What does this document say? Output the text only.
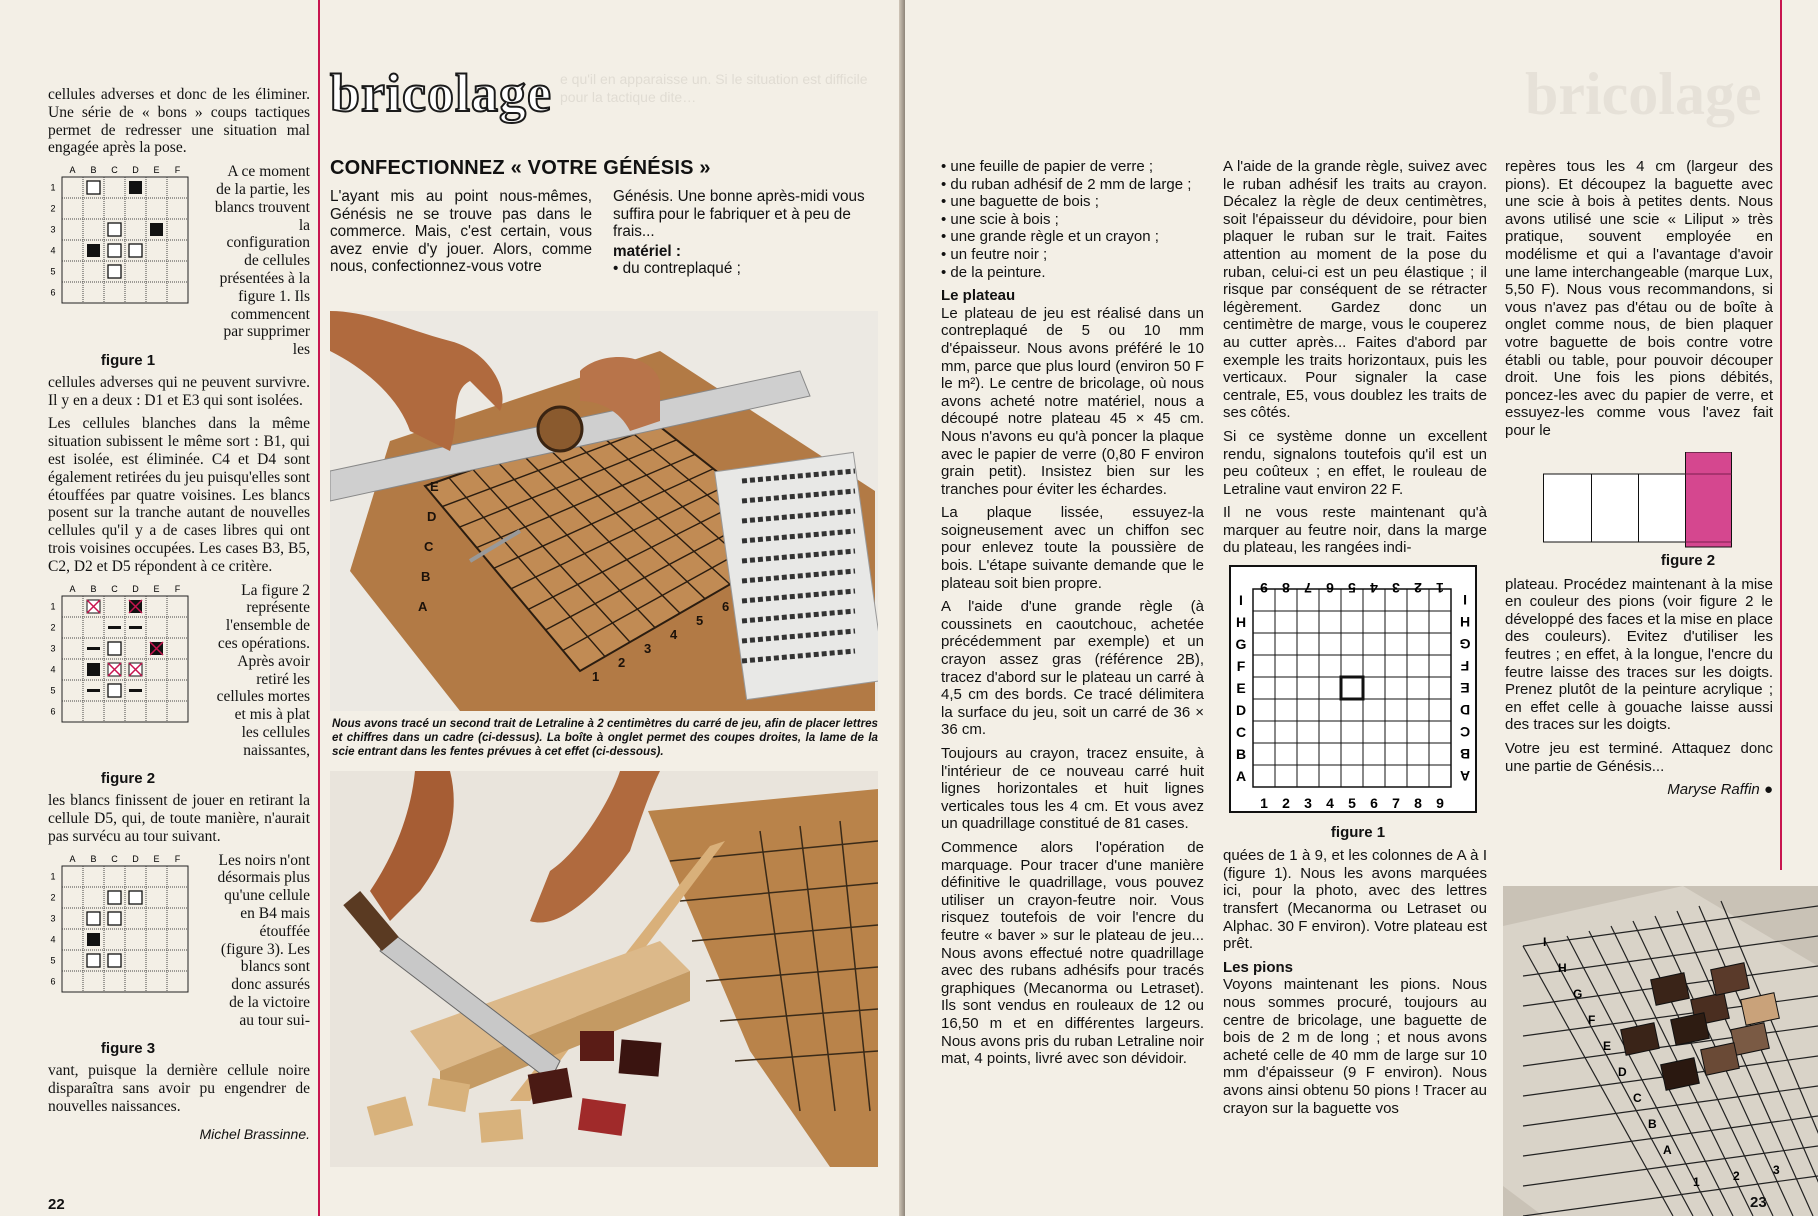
e qu'il en apparaisse un. Si le situation est difficile pour la tactique dite…

cellules adverses et donc de les éliminer. Une série de « bons » coups tactiques permet de redresser une situation mal engagée après la pose.

A B C D E F
1
2
3
4
5
6
figure 1

A ce moment de la partie, les blancs trouvent la configuration de cellules présentées à la figure 1. Ils commencent par supprimer les

cellules adverses qui ne peuvent survivre. Il y en a deux : D1 et E3 qui sont isolées.

Les cellules blanches dans la même situation subissent le même sort : B1, qui est isolée, est éliminée. C4 et D4 sont également retirées du jeu puisqu'elles sont étouffées par quatre voisines. Les blancs posent sur la tranche autant de nouvelles cellules qu'il y a de cases libres qui ont trois voisines occupées. Les cases B3, B5, C2, D2 et D5 répondent à ce critère.

A B C D E F
1
2
3
4
5
6
figure 2

La figure 2 représente l'ensemble de ces opérations. Après avoir retiré les cellules mortes et mis à plat les cellules naissantes,

les blancs finissent de jouer en retirant la cellule D5, qui, de toute manière, n'aurait pas survécu au tour suivant.

A B C D E F
1
2
3
4
5
6
figure 3

Les noirs n'ont désormais plus qu'une cellule en B4 mais étouffée (figure 3). Les blancs sont donc assurés de la victoire au tour sui-

vant, puisque la dernière cellule noire disparaîtra sans avoir pu engendrer de nouvelles naissances.

Michel Brassinne.

22
bricolage
CONFECTIONNEZ « VOTRE GÉNÉSIS »

L'ayant mis au point nous-mêmes, Génésis ne se trouve pas dans le commerce. Mais, c'est certain, vous avez envie d'y jouer. Alors, comme nous, confectionnez-vous votre

Génésis. Une bonne après-midi vous suffira pour le fabriquer et à peu de frais...

matériel :
• du contreplaqué ;
1
2
3
4
5
6
A
B
C
D
E
Nous avons tracé un second trait de Letraline à 2 centimètres du carré de jeu, afin de placer lettres et chiffres dans un cadre (ci-dessus). La boîte à onglet permet des coupes droites, la lame de la scie entrant dans les fentes prévues à cet effet (ci-dessous).
bricolage
• une feuille de papier de verre ;
• du ruban adhésif de 2 mm de large ;
• une baguette de bois ;
• une scie à bois ;
• une grande règle et un crayon ;
• un feutre noir ;
• de la peinture.
Le plateau

Le plateau de jeu est réalisé dans un contreplaqué de 5 ou 10 mm d'épaisseur. Nous avons préféré le 10 mm, parce que plus lourd (environ 50 F le m²). Le centre de bricolage, où nous avons acheté notre matériel, nous a découpé notre plateau 45 × 45 cm. Nous n'avons eu qu'à poncer la plaque avec le papier de verre (0,80 F environ grain petit). Insistez bien sur les tranches pour éviter les échardes.

La plaque lissée, essuyez-la soigneusement avec un chiffon sec pour enlevez toute la poussière de bois. L'étape suivante demande que le plateau soit bien propre.

A l'aide d'une grande règle (à coussinets en caoutchouc, achetée précédemment par exemple) et un crayon assez gras (référence 2B), tracez d'abord sur le plateau un carré à 4,5 cm des bords. Ce tracé délimitera la surface du jeu, soit un carré de 36 × 36 cm.

Toujours au crayon, tracez ensuite, à l'intérieur de ce nouveau carré huit lignes horizontales et huit lignes verticales tous les 4 cm. Et vous avez un quadrillage constitué de 81 cases.

Commence alors l'opération de marquage. Pour tracer d'une manière définitive le quadrillage, vous pouvez utiliser un crayon-feutre noir. Vous risquez toutefois de voir l'encre du feutre « baver » sur le plateau de jeu... Nous avons effectué notre quadrillage avec des rubans adhésifs pour tracés graphiques (Mecanorma ou Letraset). Ils sont vendus en rouleaux de 12 ou 16,50 m et en différentes largeurs. Nous avons pris du ruban Letraline noir mat, 4 points, livré avec son dévidoir.

A l'aide de la grande règle, suivez avec le ruban adhésif les traits au crayon. Décalez la règle de deux centimètres, soit l'épaisseur du dévidoire, pour bien plaquer le ruban sur le trait. Faites attention au moment de la pose du ruban, celui-ci est un peu élastique ; il risque par conséquent de se rétracter légèrement. Gardez donc un centimètre de marge, vous le couperez au cutter après... Faites d'abord par exemple les traits horizontaux, puis les verticaux. Pour signaler la case centrale, E5, vous doublez les traits de ses côtés.

Si ce système donne un excellent rendu, signalons toutefois qu'il est un peu coûteux ; en effet, le rouleau de Letraline vaut environ 22 F.

Il ne vous reste maintenant qu'à marquer au feutre noir, dans la marge du plateau, les rangées indi-

1 2 3 4 5 6 7 8 9
9 8 7 6 5 4 3 2 1
I
H
G
F
E
D
C
B
A
I
H
G
F
E
D
C
B
A
figure 1

quées de 1 à 9, et les colonnes de A à I (figure 1). Nous les avons marquées ici, pour la photo, avec des lettres transfert (Mecanorma ou Letraset ou Alphac. 30 F environ). Votre plateau est prêt.

Les pions

Voyons maintenant les pions. Nous nous sommes procuré, toujours au centre de bricolage, une baguette de bois de 2 m de long ; et nous avons acheté celle de 40 mm de large sur 10 mm d'épaisseur (9 F environ). Nous avons ainsi obtenu 50 pions ! Tracer au crayon sur la baguette vos

repères tous les 4 cm (largeur des pions). Et découpez la baguette avec une scie à bois à petites dents. Nous avons utilisé une scie « Liliput » très pratique, souvent employée en modélisme et qui a l'avantage d'avoir une lame interchangeable (marque Lux, 5,50 F). Nous vous recommandons, si vous n'avez pas d'étau ou de boîte à onglet comme nous, de bien plaquer votre baguette de bois contre votre établi ou table, pour pouvoir découper droit. Une fois les pions débités, poncez-les avec du papier de verre, et essuyez-les comme vous l'avez fait pour le

figure 2

plateau. Procédez maintenant à la mise en couleur des pions (voir figure 2 le développé des faces et la mise en place des couleurs). Evitez d'utiliser les feutres ; en effet, à la longue, l'encre du feutre laisse des traces sur les doigts. Prenez plutôt de la peinture acrylique ; en effet celle à gouache laisse aussi des traces sur les doigts.

Votre jeu est terminé. Attaquez donc une partie de Génésis...

Maryse Raffin ●

I
H
G
F
E
D
C
B
A
1	2	3
23
